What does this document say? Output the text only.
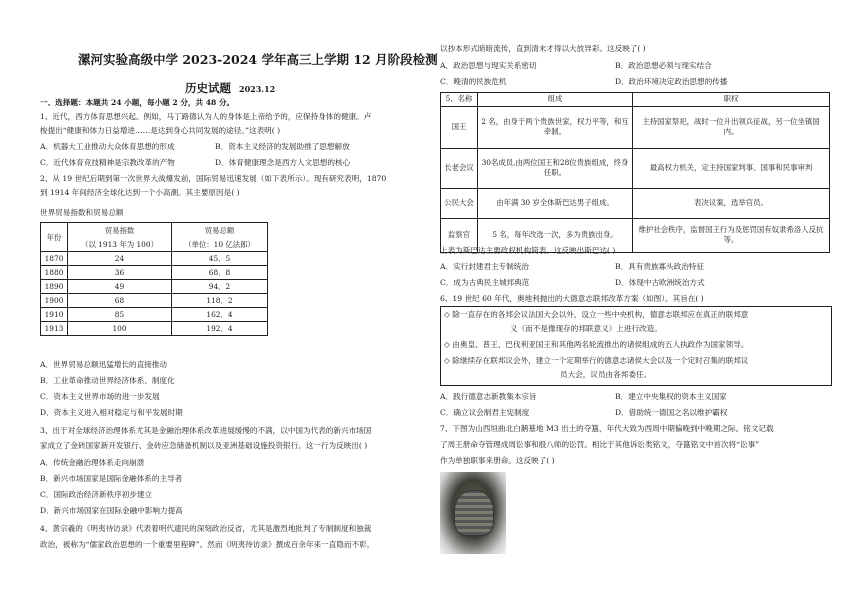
漯河实验高级中学 2023-2024 学年高三上学期 12 月阶段检测
历史试题 2023.12
一、选择题：本题共 24 小题，每小题 2 分，共 48 分。
1、近代，西方体育思想兴起。例如，马丁路德认为人的身体是上帝给予的，应保持身体的健康。卢
梭提出“健康和体力日益增进……是达到身心共同发展的途径。”这表明( )
A．机器大工业推动大众体育思想的形成	B．资本主义经济的发展助推了思想解放
C．近代体育竞技精神是宗教改革的产物	D．体育健康理念是西方人文思想的核心
2、从 19 世纪后期到第一次世界大战爆发前，国际贸易迅速发展（如下表所示）。现有研究表明，1870
到 1914 年间经济全球化达到一个小高潮。其主要原因是( )
世界贸易指数和贸易总额
年份	贸易指数	贸易总额
	（以 1913 年为 100）	（单位：10 亿法郎）
1870	24	45．5
1880	36	68．8
1890	49	94．2
1900	68	118．2
1910	85	162．4
1913	100	192．4
A．世界贸易总额迅猛增长的直接推动
B．工业革命推动世界经济体系、制度化
C．资本主义世界市场的进一步发展
D．资本主义进入相对稳定与和平发展时期
3、出于对全球经济治理体系尤其是金融治理体系改革进展缓慢的不满，以中国为代表的新兴市场国
家成立了金砖国家新开发银行、金砖应急储备机制以及亚洲基础设施投资银行。这一行为反映出( )
A．传统金融治理体系走向崩溃
B．新兴市场国家是国际金融体系的主导者
C．国际政治经济新秩序初步建立
D．新兴市场国家在国际金融中影响力提高
4、黄宗羲的《明夷待访录》代表着明代遗民的深刻政治反省，尤其是激烈地批判了专制制度和独裁
政治，被称为“儒家政治思想的一个重要里程碑”。然而《明夷待访录》撰成百余年来一直隐而不彰，
以抄本形式暗暗流传，直到清末才得以大放异彩。这反映了( )
A．政治思想与现实关系密切	B．政治思想必须与现实结合
C．晚清的民族危机	D．政治环境决定政治思想的传播
5、名称	组成	职权
国王	2 名，由身于两个贵族世家，权力平等，和互牵制。	主持国家祭祀，战时一位升出领兵征战，另一位坐镇国内。
长老会议	30名成员,由两位国王和28位贵族组成，终身任职。	最高权力机关，定主持国家判事、国事和民事审判
公民大会	由年满 30 岁全体斯巴达男子组成。	表决议案，选举官员。
监察官	5 名，每年改选一次，多为贵族出身。	维护社会秩序，监督国王行为及惩罚国有奴隶希洛人反抗等。
上表为斯巴达主要政权机构简表。这反映出斯巴达( )
A．实行封建君主专制统治	B．具有贵族寡头政治特征
C．成为古典民主城邦典范	D．体现中古欧洲统治方式
6、19 世纪 60 年代，奥地利抛出的大德意志联邦改革方案（如图）。其旨在( )
◇ 除一直存在的各邦会议法国大会以外，设立一些中央机构，德意志联邦应在真正的联邦意
义（而不是像现存的邦联意义）上进行改造。
◇ 由奥皇、普王、巴伐利亚国王和其他两名轮流推出的诸侯组成的五人执政作为国家领导。
◇ 除继续存在联邦议会外，建立一个定期举行的德意志诸侯大会以及一个定时召集的联邦议
员大会，议员由各邦委任。
A．践行德意志新教集本宗旨	B．建立中央集权的资本主义国家
C．确立议会制君主宪制度	D．借助统一德国之名以维护霸权
7、下图为山西垣曲北白鹅墓地 M3 出土的夺簋，年代大致为西周中期偏晚到中晚期之际。铭文记载
了周王册命夺管理成周讼事和殷八师的讼罚。相比于其他诉讼类铭文，夺簋铭文中首次将“讼事”
作为单独职事来册命。这反映了( )
